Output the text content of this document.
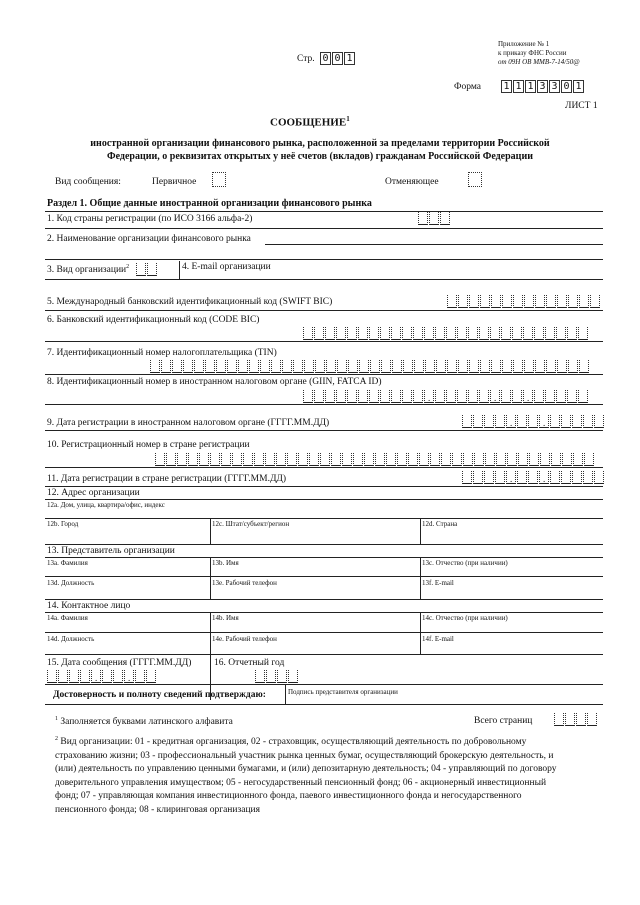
Приложение № 1
к приказу ФНС России
от 09Н ОВ ММВ-7-14/50@
Стр. 0 0 1
Форма 1 1 1 3 3 0 1
ЛИСТ 1
СООБЩЕНИЕ$^1$
иностранной организации финансового рынка, расположенной за пределами территории Российской
Федерации, о реквизитах открытых у неё счетов (вкладов) гражданам Российской Федерации
Вид сообщения:	Первичное	Отменяющее
Раздел 1. Общие данные иностранной организации финансового рынка
1. Код страны регистрации (по ИСО 3166 альфа-2)
2. Наименование организации финансового рынка
3. Вид организации$^2$	4. E-mail организации
5. Международный банковский идентификационный код (SWIFT BIC)
6. Банковский идентификационный код (CODE BIC)
7. Идентификационный номер налогоплательщика (TIN)
8. Идентификационный номер в иностранном налоговом органе (GIIN, FATCA ID)
.
.
.
9. Дата регистрации в иностранном налоговом органе (ГГГГ.ММ.ДД)
.
.
10. Регистрационный номер в стране регистрации
11. Дата регистрации в стране регистрации (ГГГГ.ММ.ДД)
.
.
12. Адрес организации
12a. Дом, улица, квартира/офис, индекс
12b. Город	12c. Штат/субъект/регион	12d. Страна
13. Представитель организации
13a. Фамилия	13b. Имя	13c. Отчество (при наличии)
13d. Должность	13e. Рабочий телефон	13f. E-mail
14. Контактное лицо
14a. Фамилия	14b. Имя	14c. Отчество (при наличии)
14d. Должность	14e. Рабочий телефон	14f. E-mail
15. Дата сообщения (ГГГГ.ММ.ДД)
.
. 16. Отчетный год
Достоверность и полноту сведений подтверждаю:	Подпись представителя организации
$^1$ Заполняется буквами латинского алфавита	Всего страниц
$^2$ Вид организации: 01 - кредитная организация, 02 - страховщик, осуществляющий деятельность по добровольному
страхованию жизни; 03 - профессиональный участник рынка ценных бумаг, осуществляющий брокерскую деятельность, и
(или) деятельность по управлению ценными бумагами, и (или) депозитарную деятельность; 04 - управляющий по договору
доверительного управления имуществом; 05 - негосударственный пенсионный фонд; 06 - акционерный инвестиционный
фонд; 07 - управляющая компания инвестиционного фонда, паевого инвестиционного фонда и негосударственного
пенсионного фонда; 08 - клиринговая организация
